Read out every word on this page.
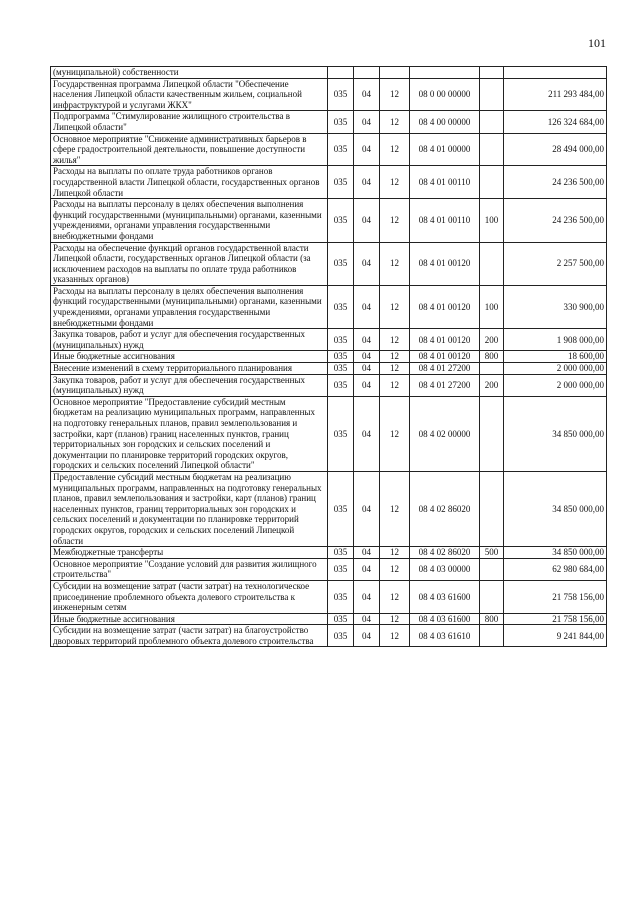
101
(муниципальной) собственности						
Государственная программа Липецкой области "Обеспечение населения Липецкой области качественным жильем, социальной инфраструктурой и услугами ЖКХ"	035	04	12	08 0 00 00000		211 293 484,00
Подпрограмма "Стимулирование жилищного строительства в Липецкой области"	035	04	12	08 4 00 00000		126 324 684,00
Основное мероприятие "Снижение административных барьеров в сфере градостроительной деятельности, повышение доступности жилья"	035	04	12	08 4 01 00000		28 494 000,00
Расходы на выплаты по оплате труда работников органов государственной власти Липецкой области, государственных органов Липецкой области	035	04	12	08 4 01 00110		24 236 500,00
Расходы на выплаты персоналу в целях обеспечения выполнения функций государственными (муниципальными) органами, казенными учреждениями, органами управления государственными внебюджетными фондами	035	04	12	08 4 01 00110	100	24 236 500,00
Расходы на обеспечение функций органов государственной власти Липецкой области, государственных органов Липецкой области (за исключением расходов на выплаты по оплате труда работников указанных органов)	035	04	12	08 4 01 00120		2 257 500,00
Расходы на выплаты персоналу в целях обеспечения выполнения функций государственными (муниципальными) органами, казенными учреждениями, органами управления государственными внебюджетными фондами	035	04	12	08 4 01 00120	100	330 900,00
Закупка товаров, работ и услуг для обеспечения государственных (муниципальных) нужд	035	04	12	08 4 01 00120	200	1 908 000,00
Иные бюджетные ассигнования	035	04	12	08 4 01 00120	800	18 600,00
Внесение изменений в схему территориального планирования	035	04	12	08 4 01 27200		2 000 000,00
Закупка товаров, работ и услуг для обеспечения государственных (муниципальных) нужд	035	04	12	08 4 01 27200	200	2 000 000,00
Основное мероприятие "Предоставление субсидий местным бюджетам на реализацию муниципальных программ, направленных на подготовку генеральных планов, правил землепользования и застройки, карт (планов) границ населенных пунктов, границ территориальных зон городских и сельских поселений и документации по планировке территорий городских округов, городских и сельских поселений Липецкой области"	035	04	12	08 4 02 00000		34 850 000,00
Предоставление субсидий местным бюджетам на реализацию муниципальных программ, направленных на подготовку генеральных планов, правил землепользования и застройки, карт (планов) границ населенных пунктов, границ территориальных зон городских и сельских поселений и документации по планировке территорий городских округов, городских и сельских поселений Липецкой области	035	04	12	08 4 02 86020		34 850 000,00
Межбюджетные трансферты	035	04	12	08 4 02 86020	500	34 850 000,00
Основное мероприятие "Создание условий для развития жилищного строительства"	035	04	12	08 4 03 00000		62 980 684,00
Субсидии на возмещение затрат (части затрат) на технологическое присоединение проблемного объекта долевого строительства к инженерным сетям	035	04	12	08 4 03 61600		21 758 156,00
Иные бюджетные ассигнования	035	04	12	08 4 03 61600	800	21 758 156,00
Субсидии на возмещение затрат (части затрат) на благоустройство дворовых территорий проблемного объекта долевого строительства	035	04	12	08 4 03 61610		9 241 844,00
